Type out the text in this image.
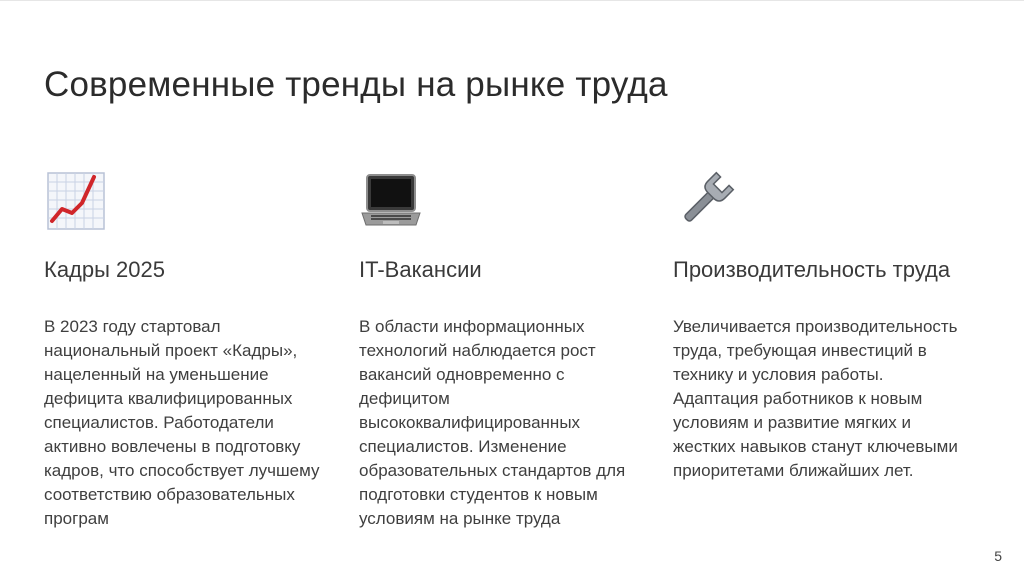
Современные тренды на рынке труда
Кадры 2025
В 2023 году стартовал национальный проект «Кадры», нацеленный на уменьшение дефицита квалифицированных специалистов. Работодатели активно вовлечены в подготовку кадров, что способствует лучшему соответствию образовательных програм
IT-Вакансии
В области информационных технологий наблюдается рост вакансий одновременно с дефицитом высококвалифицированных специалистов. Изменение образовательных стандартов для подготовки студентов к новым условиям на рынке труда
Производительность труда
Увеличивается производительность труда, требующая инвестиций в технику и условия работы. Адаптация работников к новым условиям и развитие мягких и жестких навыков станут ключевыми приоритетами ближайших лет.
5
